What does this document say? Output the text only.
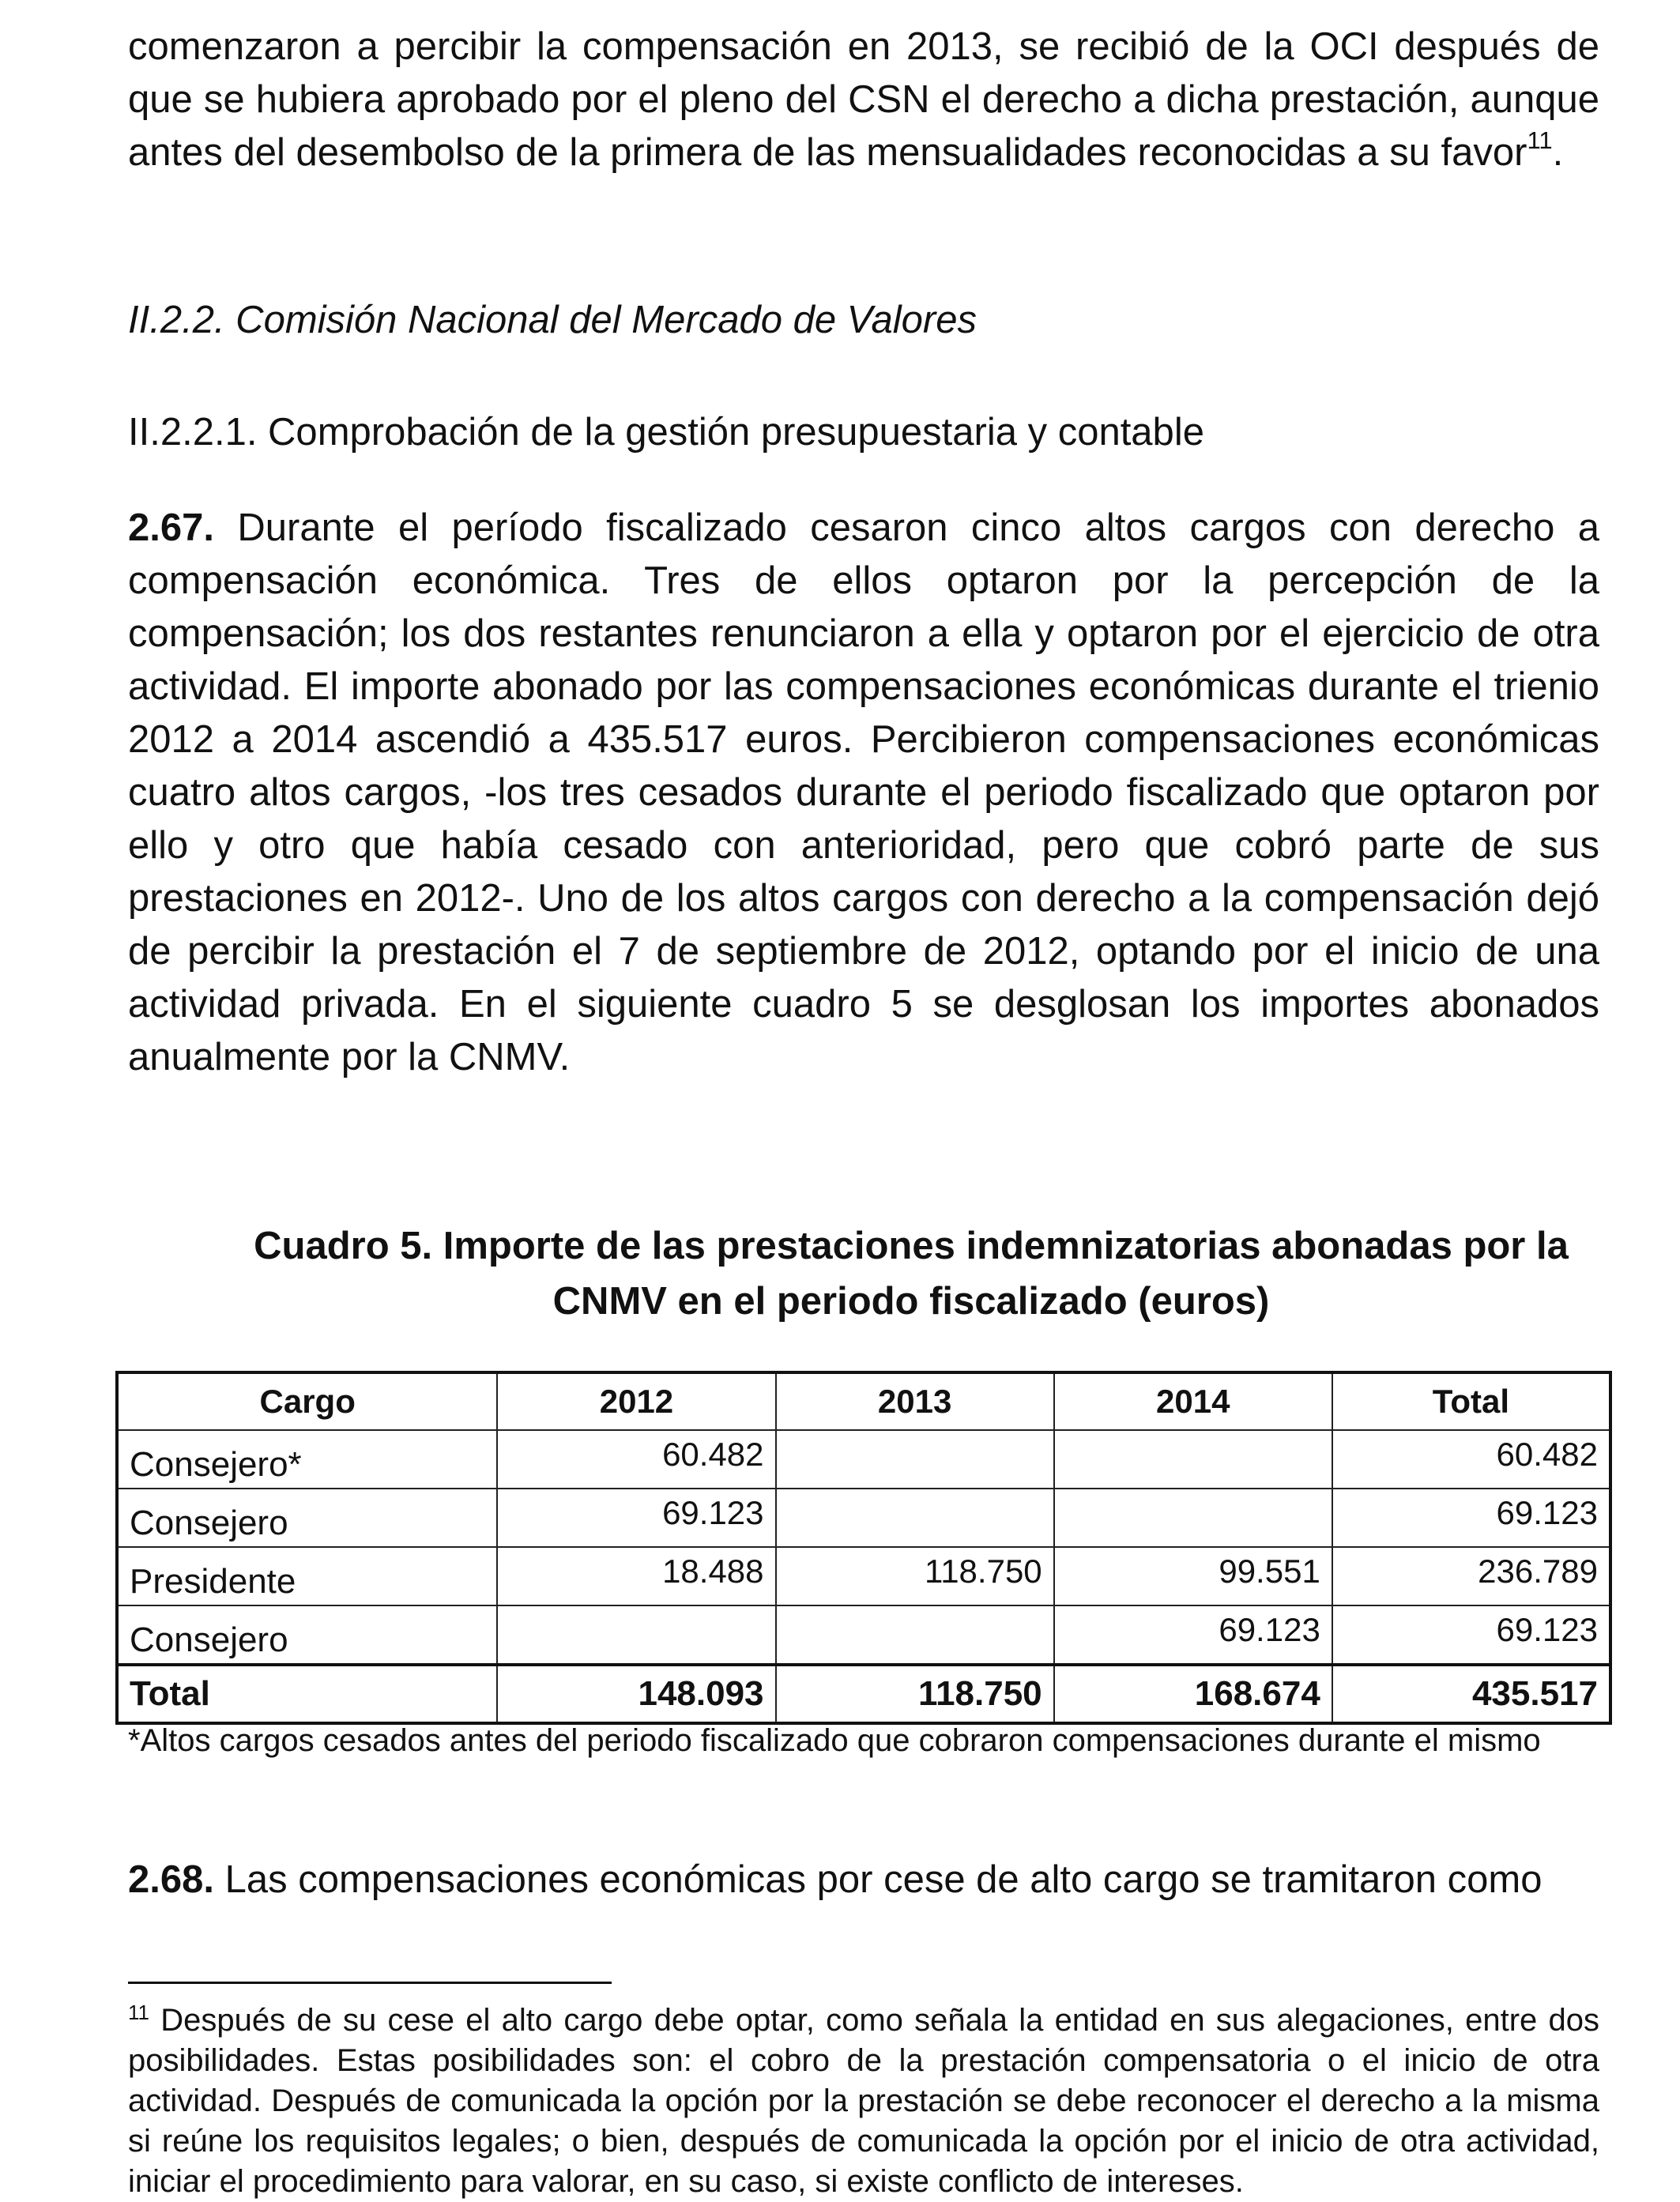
comenzaron a percibir la compensación en 2013, se recibió de la OCI después de que se hubiera aprobado por el pleno del CSN el derecho a dicha prestación, aunque antes del desembolso de la primera de las mensualidades reconocidas a su favor$^{11}$.

II.2.2. Comisión Nacional del Mercado de Valores

II.2.2.1. Comprobación de la gestión presupuestaria y contable

2.67. Durante el período fiscalizado cesaron cinco altos cargos con derecho a compensación económica. Tres de ellos optaron por la percepción de la compensación; los dos restantes renunciaron a ella y optaron por el ejercicio de otra actividad. El importe abonado por las compensaciones económicas durante el trienio 2012 a 2014 ascendió a 435.517 euros. Percibieron compensaciones económicas cuatro altos cargos, -los tres cesados durante el periodo fiscalizado que optaron por ello y otro que había cesado con anterioridad, pero que cobró parte de sus prestaciones en 2012-. Uno de los altos cargos con derecho a la compensación dejó de percibir la prestación el 7 de septiembre de 2012, optando por el inicio de una actividad privada. En el siguiente cuadro 5 se desglosan los importes abonados anualmente por la CNMV.

Cuadro 5. Importe de las prestaciones indemnizatorias abonadas por la
CNMV en el periodo fiscalizado (euros)
Cargo	2012	2013	2014	Total
Consejero*	60.482			60.482
Consejero	69.123			69.123
Presidente	18.488	118.750	99.551	236.789
Consejero			69.123	69.123
Total	148.093	118.750	168.674	435.517

*Altos cargos cesados antes del periodo fiscalizado que cobraron compensaciones durante el mismo

2.68. Las compensaciones económicas por cese de alto cargo se tramitaron como

$^{11}$ Después de su cese el alto cargo debe optar, como señala la entidad en sus alegaciones, entre dos posibilidades. Estas posibilidades son: el cobro de la prestación compensatoria o el inicio de otra actividad. Después de comunicada la opción por la prestación se debe reconocer el derecho a la misma si reúne los requisitos legales; o bien, después de comunicada la opción por el inicio de otra actividad, iniciar el procedimiento para valorar, en su caso, si existe conflicto de intereses.
